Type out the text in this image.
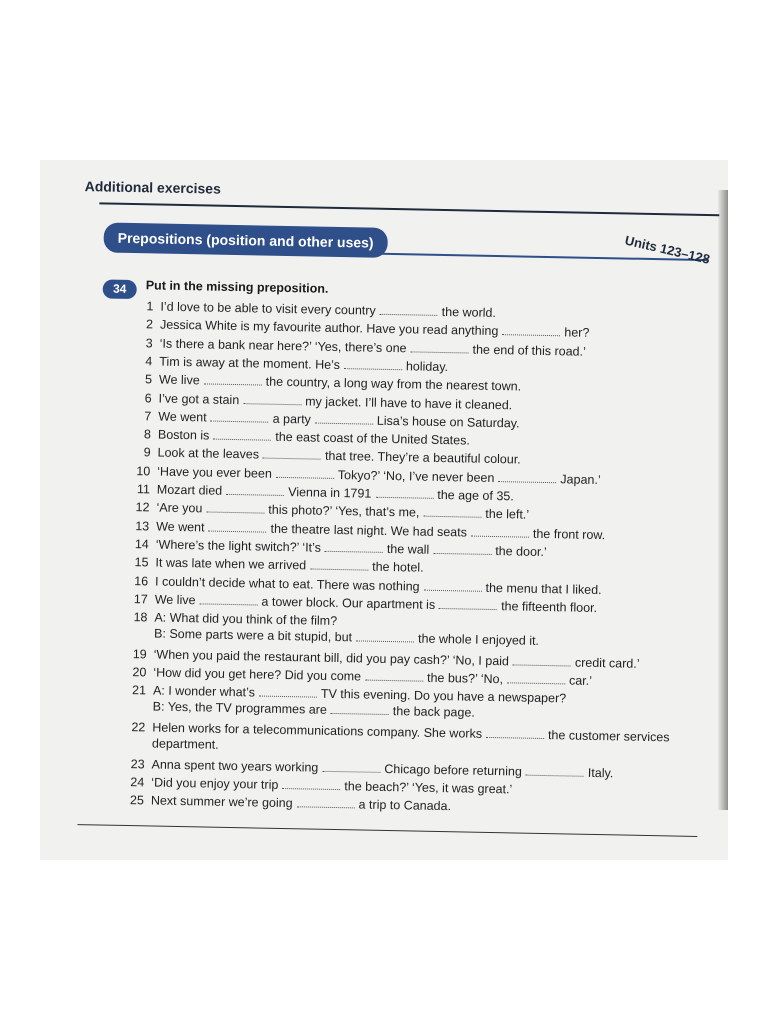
Additional exercises
Prepositions (position and other uses)	Units 123–128
34	Put in the missing preposition.
1 I’d love to be able to visit every country	the world.
2 Jessica White is my favourite author. Have you read anything	her?
3 ‘Is there a bank near here?’ ‘Yes, there’s one	the end of this road.’
4 Tim is away at the moment. He’s	holiday.
5 We live	the country, a long way from the nearest town.
6 I’ve got a stain	my jacket. I’ll have to have it cleaned.
7 We went	a party	Lisa’s house on Saturday.
8 Boston is	the east coast of the United States.
9 Look at the leaves	that tree. They’re a beautiful colour.
10 ‘Have you ever been	Tokyo?’ ‘No, I’ve never been	Japan.’
11 Mozart died	Vienna in 1791	the age of 35.
12 ‘Are you	this photo?’ ‘Yes, that’s me,	the left.’
13 We went	the theatre last night. We had seats	the front row.
14 ‘Where’s the light switch?’ ‘It’s	the wall	the door.’
15 It was late when we arrived	the hotel.
16 I couldn’t decide what to eat. There was nothing	the menu that I liked.
17 We live	a tower block. Our apartment is	the fifteenth floor.
18 A: What did you think of the film?
B: Some parts were a bit stupid, but	the whole I enjoyed it.
19 ‘When you paid the restaurant bill, did you pay cash?’ ‘No, I paid	credit card.’
20 ‘How did you get here? Did you come	the bus?’ ‘No,	car.’
21 A: I wonder what’s	TV this evening. Do you have a newspaper?
B: Yes, the TV programmes are	the back page.
22 Helen works for a telecommunications company. She works	the customer services
department.
23 Anna spent two years working	Chicago before returning	Italy.
24 ‘Did you enjoy your trip	the beach?’ ‘Yes, it was great.’
25 Next summer we’re going	a trip to Canada.
